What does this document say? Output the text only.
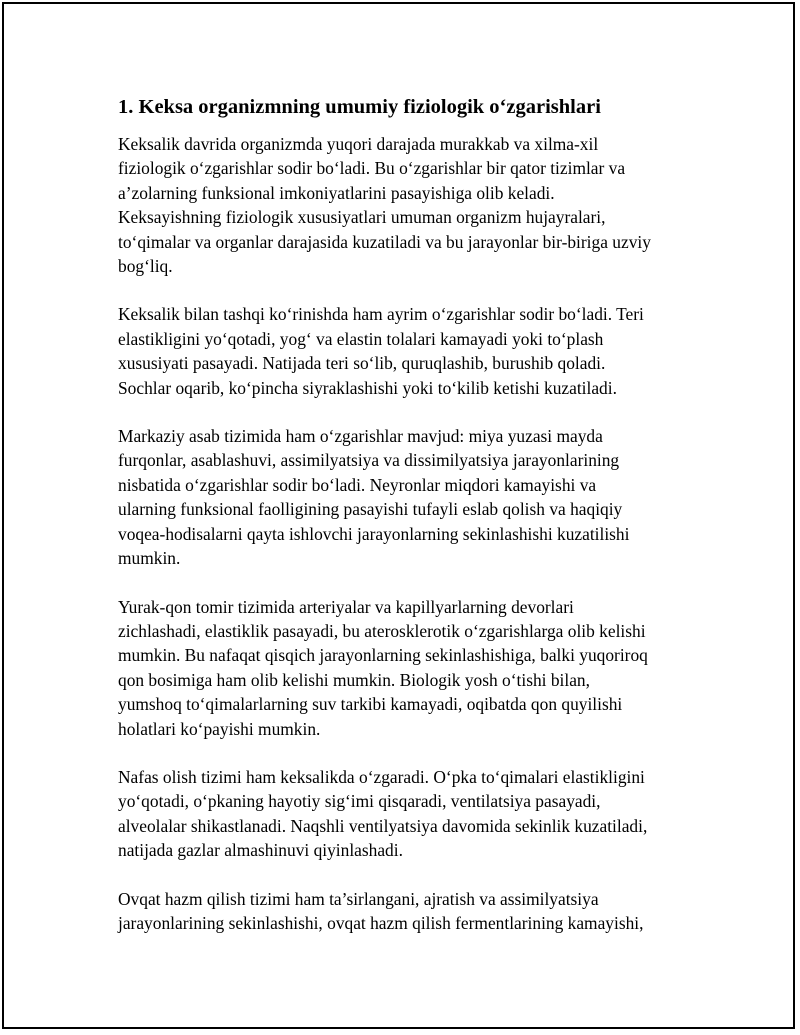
1. Keksa organizmning umumiy fiziologik o‘zgarishlari

Keksalik davrida organizmda yuqori darajada murakkab va xilma-xil
fiziologik o‘zgarishlar sodir bo‘ladi. Bu o‘zgarishlar bir qator tizimlar va
a’zolarning funksional imkoniyatlarini pasayishiga olib keladi.
Keksayishning fiziologik xususiyatlari umuman organizm hujayralari,
to‘qimalar va organlar darajasida kuzatiladi va bu jarayonlar bir-biriga uzviy
bog‘liq.

Keksalik bilan tashqi ko‘rinishda ham ayrim o‘zgarishlar sodir bo‘ladi. Teri
elastikligini yo‘qotadi, yog‘ va elastin tolalari kamayadi yoki to‘plash
xususiyati pasayadi. Natijada teri so‘lib, quruqlashib, burushib qoladi.
Sochlar oqarib, ko‘pincha siyraklashishi yoki to‘kilib ketishi kuzatiladi.

Markaziy asab tizimida ham o‘zgarishlar mavjud: miya yuzasi mayda
furqonlar, asablashuvi, assimilyatsiya va dissimilyatsiya jarayonlarining
nisbatida o‘zgarishlar sodir bo‘ladi. Neyronlar miqdori kamayishi va
ularning funksional faolligining pasayishi tufayli eslab qolish va haqiqiy
voqea-hodisalarni qayta ishlovchi jarayonlarning sekinlashishi kuzatilishi
mumkin.

Yurak-qon tomir tizimida arteriyalar va kapillyarlarning devorlari
zichlashadi, elastiklik pasayadi, bu aterosklerotik o‘zgarishlarga olib kelishi
mumkin. Bu nafaqat qisqich jarayonlarning sekinlashishiga, balki yuqoriroq
qon bosimiga ham olib kelishi mumkin. Biologik yosh o‘tishi bilan,
yumshoq to‘qimalarlarning suv tarkibi kamayadi, oqibatda qon quyilishi
holatlari ko‘payishi mumkin.

Nafas olish tizimi ham keksalikda o‘zgaradi. O‘pka to‘qimalari elastikligini
yo‘qotadi, o‘pkaning hayotiy sig‘imi qisqaradi, ventilatsiya pasayadi,
alveolalar shikastlanadi. Naqshli ventilyatsiya davomida sekinlik kuzatiladi,
natijada gazlar almashinuvi qiyinlashadi.

Ovqat hazm qilish tizimi ham ta’sirlangani, ajratish va assimilyatsiya
jarayonlarining sekinlashishi, ovqat hazm qilish fermentlarining kamayishi,
